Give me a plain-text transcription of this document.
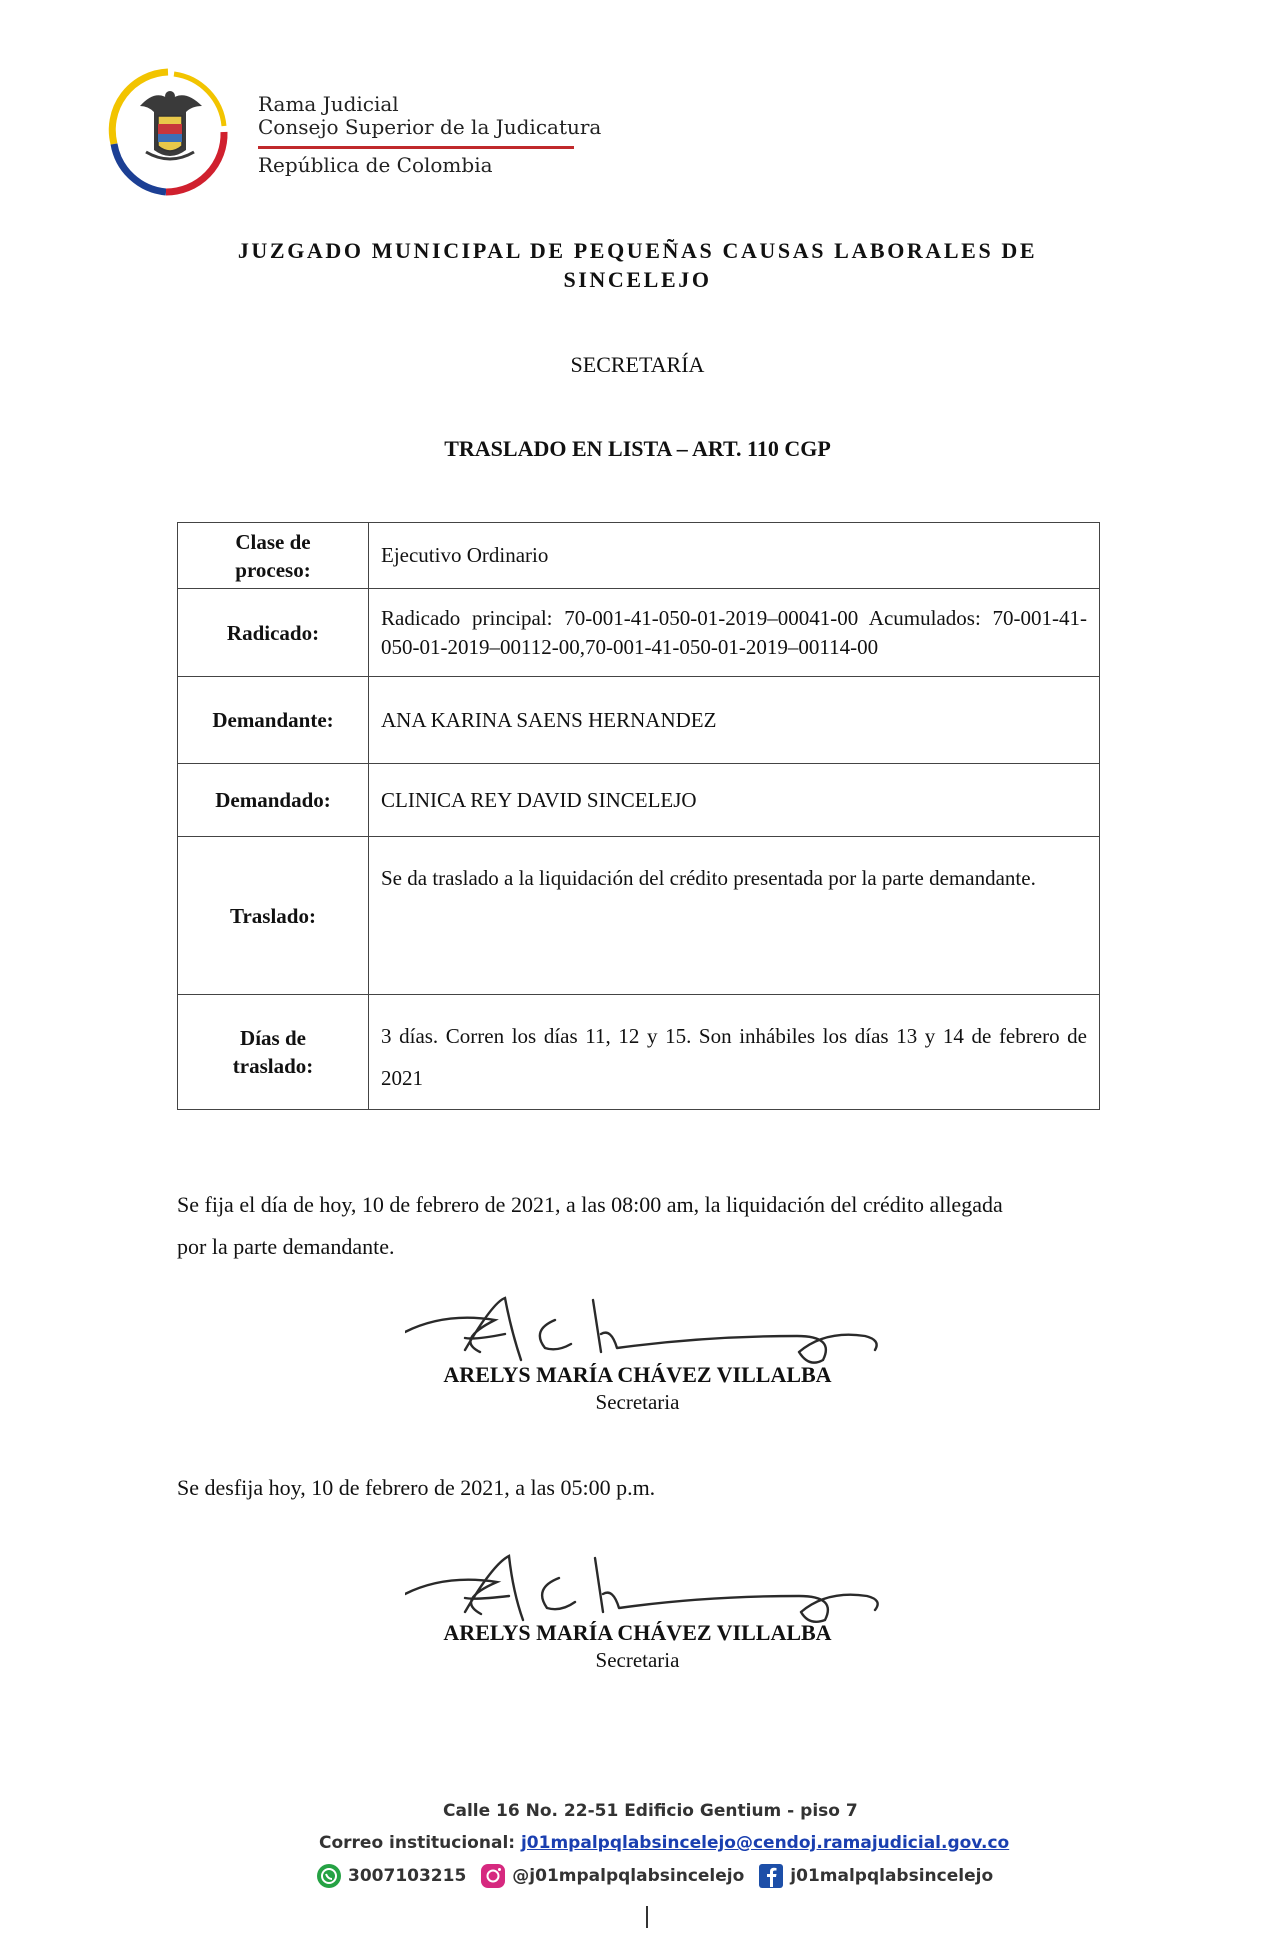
Rama Judicial
Consejo Superior de la Judicatura
República de Colombia
JUZGADO MUNICIPAL DE PEQUEÑAS CAUSAS LABORALES DE
SINCELEJO
SECRETARÍA
TRASLADO EN LISTA – ART. 110 CGP
Clase de
proceso:	Ejecutivo Ordinario
Radicado:	Radicado principal: 70-001-41-050-01-2019–00041-00 Acumulados: 70-001-41-050-01-2019–00112-00,70-001-41-050-01-2019–00114-00
Demandante:	ANA KARINA SAENS HERNANDEZ
Demandado:	CLINICA REY DAVID SINCELEJO
Traslado:	Se da traslado a la liquidación del crédito presentada por la parte demandante.

Días de
traslado:	3 días. Corren los días 11, 12 y 15. Son inhábiles los días 13 y 14 de febrero de 2021
Se fija el día de hoy, 10 de febrero de 2021, a las 08:00 am, la liquidación del crédito allegada por la parte demandante.
ARELYS MARÍA CHÁVEZ VILLALBA
Secretaria
Se desfija hoy, 10 de febrero de 2021, a las 05:00 p.m.
ARELYS MARÍA CHÁVEZ VILLALBA
Secretaria
Calle 16 No. 22-51 Edificio Gentium - piso 7
Correo institucional: j01mpalpqlabsincelejo@cendoj.ramajudicial.gov.co
3007103215	@j01mpalpqlabsincelejo	j01malpqlabsincelejo
